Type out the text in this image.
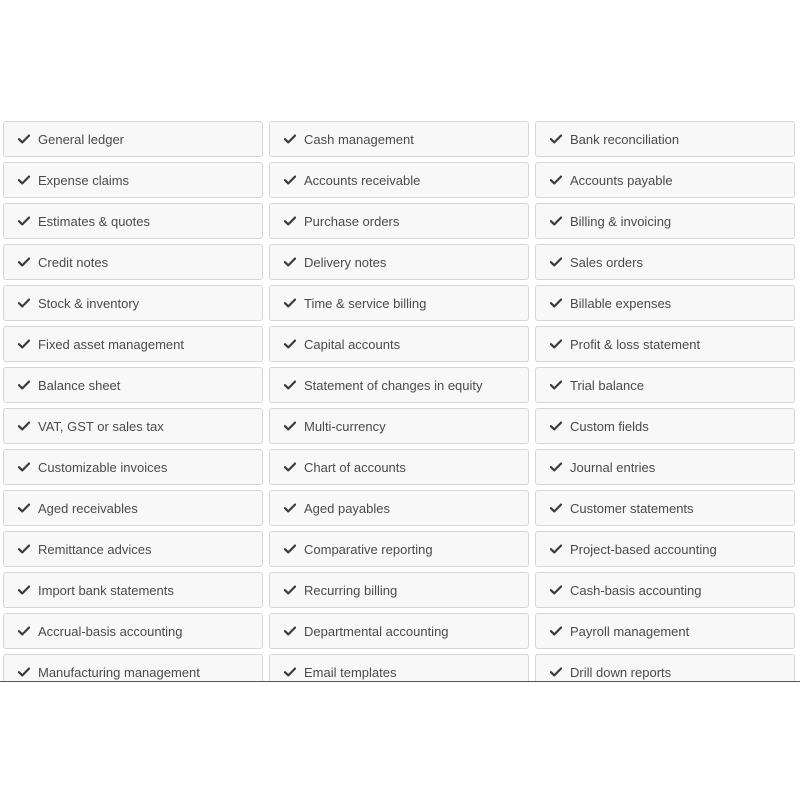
General ledger	Cash management	Bank reconciliation
Expense claims	Accounts receivable	Accounts payable
Estimates & quotes	Purchase orders	Billing & invoicing
Credit notes	Delivery notes	Sales orders
Stock & inventory	Time & service billing	Billable expenses
Fixed asset management	Capital accounts	Profit & loss statement
Balance sheet	Statement of changes in equity	Trial balance
VAT, GST or sales tax	Multi-currency	Custom fields
Customizable invoices	Chart of accounts	Journal entries
Aged receivables	Aged payables	Customer statements
Remittance advices	Comparative reporting	Project-based accounting
Import bank statements	Recurring billing	Cash-basis accounting
Accrual-basis accounting	Departmental accounting	Payroll management
Manufacturing management	Email templates	Drill down reports
